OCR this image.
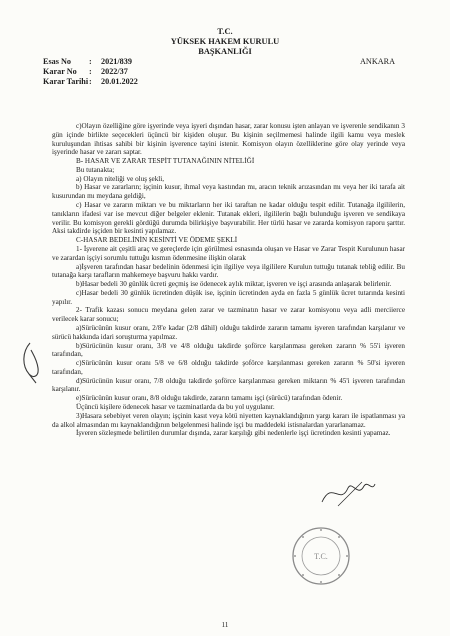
T.C.
YÜKSEK HAKEM KURULU
BAŞKANLIĞI
Esas No	:	2021/839
Karar No	:	2022/37
Karar Tarihi :	20.01.2022
ANKARA

c)Olayın özelliğine göre işyerinde veya işyeri dışından hasar, zarar konusu işten anlayan ve işverenle sendikanın 3 gün içinde birlikte seçecekleri üçüncü bir kişiden oluşur. Bu kişinin seçilmemesi halinde ilgili kamu veya meslek kuruluşundan ihtisas sahibi bir kişinin işverence tayini istenir. Komisyon olayın özelliklerine göre olay yerinde veya işyerinde hasar ve zararı saptar.

B- HASAR VE ZARAR TESPİT TUTANAĞININ NİTELİĞİ

Bu tutanakta;

a) Olayın niteliği ve oluş şekli,

b) Hasar ve zararların; işçinin kusur, ihmal veya kastından mı, aracın teknik arızasından mı veya her iki tarafa ait kusurundan mı meydana geldiği,

c) Hasar ve zararın miktarı ve bu miktarların her iki taraftan ne kadar olduğu tespit edilir. Tutanağa ilgililerin, tanıkların ifadesi var ise mevcut diğer belgeler eklenir. Tutanak ekleri, ilgililerin bağlı bulunduğu işveren ve sendikaya verilir. Bu komisyon gerekli gördüğü durumda bilirkişiye başvurabilir. Her türlü hasar ve zararda komisyon raporu şarttır. Aksi takdirde işçiden bir kesinti yapılamaz.

C-HASAR BEDELİNİN KESİNTİ VE ÖDEME ŞEKLİ

1- İşverene ait çeşitli araç ve gereçlerde için görülmesi esnasında oluşan ve Hasar ve Zarar Tespit Kurulunun hasar ve zarardan işçiyi sorumlu tuttuğu kısmın ödenmesine ilişkin olarak

a)İşveren tarafından hasar bedelinin ödenmesi için ilgiliye veya ilgililere Kurulun tuttuğu tutanak tebliğ edilir. Bu tutanağa karşı tarafların mahkemeye başvuru hakkı vardır.

b)Hasar bedeli 30 günlük ücreti geçmiş ise ödenecek aylık miktar, işveren ve işçi arasında anlaşarak belirlenir.

c)Hasar bedeli 30 günlük ücretinden düşük ise, işçinin ücretinden ayda en fazla 5 günlük ücret tutarında kesinti yapılır.

2- Trafik kazası sonucu meydana gelen zarar ve tazminatın hasar ve zarar komisyonu veya adli merciierce verilecek karar sonucu;

a)Sürücünün kusur oranı, 2/8'e kadar (2/8 dâhil) olduğu takdirde zararın tamamı işveren tarafından karşılanır ve sürücü hakkında idari soruşturma yapılmaz.

b)Sürücünün kusur oranı, 3/8 ve 4/8 olduğu takdirde şoförce karşılanması gereken zararın % 55'i işveren tarafından,

c)Sürücünün kusur oranı 5/8 ve 6/8 olduğu takdirde şoförce karşılanması gereken zararın % 50'si işveren tarafından,

d)Sürücünün kusur oranı, 7/8 olduğu takdirde şoförce karşılanması gereken miktarın % 45'i işveren tarafından karşılanır.

e)Sürücünün kusur oranı, 8/8 olduğu takdirde, zararın tamamı işçi (sürücü) tarafından ödenir.

Üçüncü kişilere ödenecek hasar ve tazminatlarda da bu yol uygulanır.

3)Hasara sebebiyet veren olayın; işçinin kasıt veya kötü niyetten kaynaklandığının yargı kararı ile ispatlanması ya da alkol almasından mı kaynaklandığının belgelenmesi halinde işçi bu maddedeki istisnalardan yararlanamaz.

İşveren sözleşmede belirtilen durumlar dışında, zarar karşılığı gibi nedenlerle işçi ücretinden kesinti yapamaz.

T.C.
11
